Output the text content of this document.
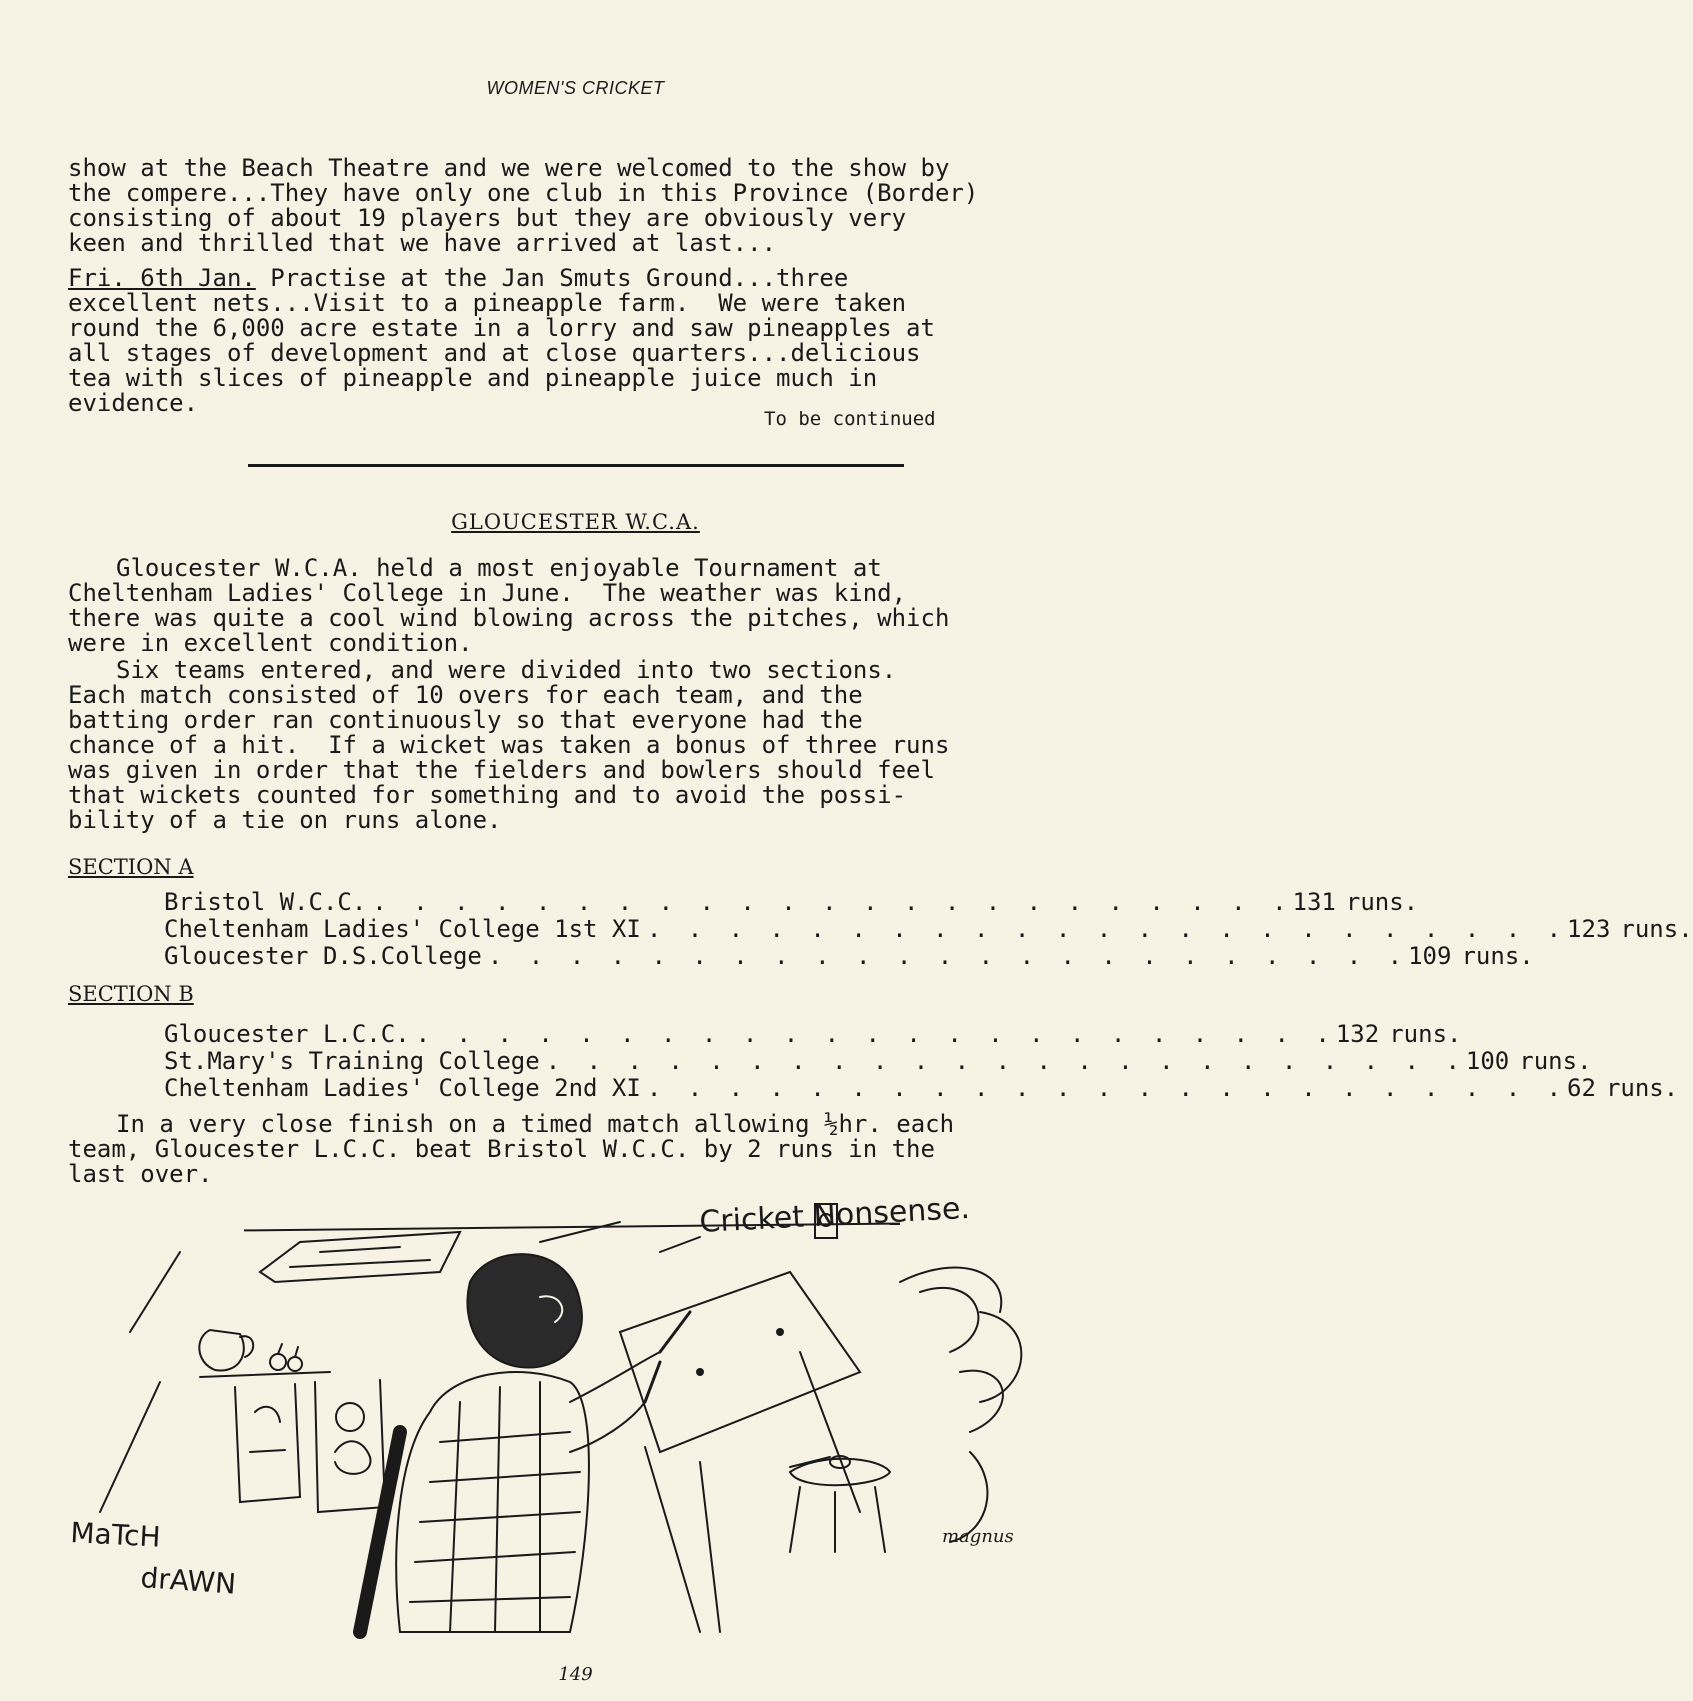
WOMEN'S CRICKET
show at the Beach Theatre and we were welcomed to the show by
the compere...They have only one club in this Province (Border)
consisting of about 19 players but they are obviously very
keen and thrilled that we have arrived at last...
Fri. 6th Jan. Practise at the Jan Smuts Ground...three
excellent nets...Visit to a pineapple farm.  We were taken
round the 6,000 acre estate in a lorry and saw pineapples at
all stages of development and at close quarters...delicious
tea with slices of pineapple and pineapple juice much in
evidence.
To be continued
GLOUCESTER W.C.A.
Gloucester W.C.A. held a most enjoyable Tournament at
Cheltenham Ladies' College in June.  The weather was kind,
there was quite a cool wind blowing across the pitches, which
were in excellent condition.
Six teams entered, and were divided into two sections.
Each match consisted of 10 overs for each team, and the
batting order ran continuously so that everyone had the
chance of a hit.  If a wicket was taken a bonus of three runs
was given in order that the fielders and bowlers should feel
that wickets counted for something and to avoid the possi-
bility of a tie on runs alone.
SECTION A
Bristol W.C.C. . . . . . . . . . . . . . . . . . . . . . . . 131 runs.
Cheltenham Ladies' College 1st XI . . . . . . . . . . . . . . . . . . . . . . . 123 runs.
Gloucester D.S.College . . . . . . . . . . . . . . . . . . . . . . . 109 runs.
SECTION B
Gloucester L.C.C. . . . . . . . . . . . . . . . . . . . . . . . 132 runs.
St.Mary's Training College . . . . . . . . . . . . . . . . . . . . . . . 100 runs.
Cheltenham Ladies' College 2nd XI . . . . . . . . . . . . . . . . . . . . . . . 62 runs.
In a very close finish on a timed match allowing ½hr. each
team, Gloucester L.C.C. beat Bristol W.C.C. by 2 runs in the
last over.
Cricket Nonsense.
MaTcH
drAWN
magnus
149
